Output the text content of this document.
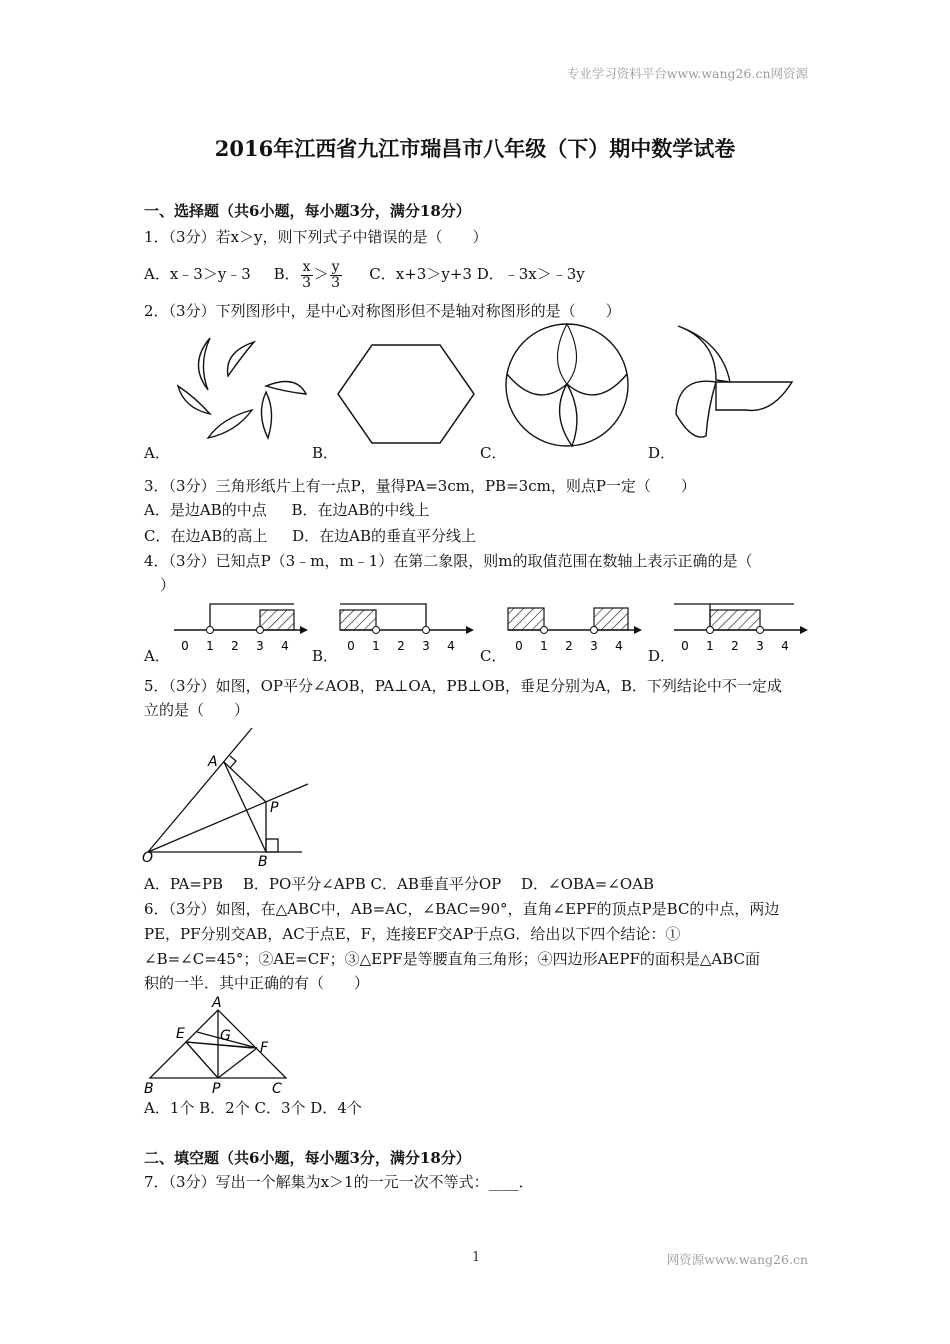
专业学习资料平台www.wang26.cn网资源
2016年江西省九江市瑞昌市八年级（下）期中数学试卷
一、选择题（共6小题，每小题3分，满分18分）
1．（3分）若x＞y，则下列式子中错误的是（　　）
A．x﹣3＞y﹣3 B． $\frac{x}{3} > \frac{y}{3}$ C．x+3＞y+3 D．﹣3x＞﹣3y
2．（3分）下列图形中，是中心对称图形但不是轴对称图形的是（　　）
A．	B．	C．	D．
3．（3分）三角形纸片上有一点P，量得PA=3cm，PB=3cm，则点P一定（　　）
A．是边AB的中点 B．在边AB的中线上
C．在边AB的高上 D．在边AB的垂直平分线上
4．（3分）已知点P（3﹣m，m﹣1）在第二象限，则m的取值范围在数轴上表示正确的是（
）
0 1 2 3 4	0 1 2 3 4	0 1 2 3 4	0 1 2 3 4
A．	B．	C．	D．
5．（3分）如图，OP平分∠AOB，PA⊥OA，PB⊥OB，垂足分别为A，B．下列结论中不一定成
立的是（　　）
A
P
O	B
A．PA=PB　 B．PO平分∠APB C．AB垂直平分OP　 D．∠OBA=∠OAB
6．（3分）如图，在△ABC中，AB=AC，∠BAC=90°，直角∠EPF的顶点P是BC的中点，两边
PE，PF分别交AB，AC于点E，F，连接EF交AP于点G．给出以下四个结论：①
∠B=∠C=45°；②AE=CF；③△EPF是等腰直角三角形；④四边形AEPF的面积是△ABC面
积的一半．其中正确的有（　　）
A
E	G
F
B	P	C
A．1个 B．2个 C．3个 D．4个
二、填空题（共6小题，每小题3分，满分18分）
7．（3分）写出一个解集为x＞1的一元一次不等式：____．
1	网资源www.wang26.cn
